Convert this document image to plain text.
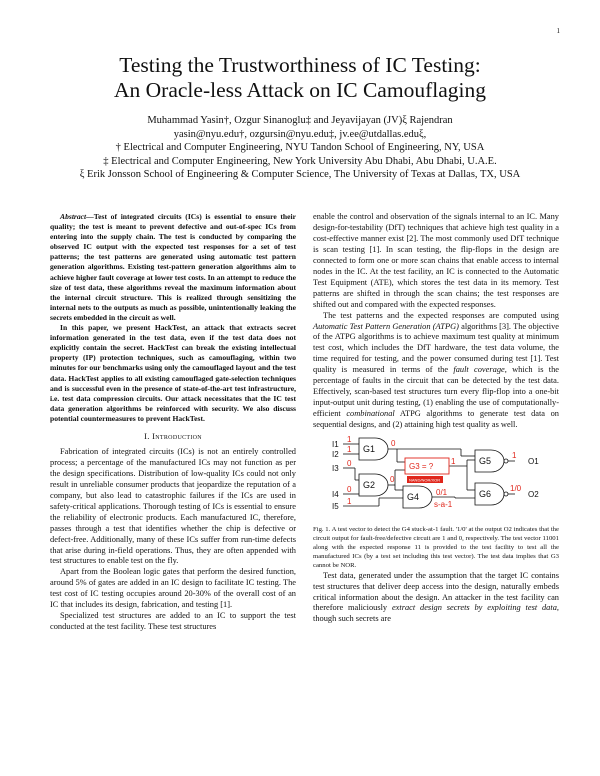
1
Testing the Trustworthiness of IC Testing:
An Oracle-less Attack on IC Camouflaging
Muhammad Yasin†, Ozgur Sinanoglu‡ and Jeyavijayan (JV)ξ Rajendran
yasin@nyu.edu†, ozgursin@nyu.edu‡, jv.ee@utdallas.eduξ,
† Electrical and Computer Engineering, NYU Tandon School of Engineering, NY, USA
‡ Electrical and Computer Engineering, New York University Abu Dhabi, Abu Dhabi, U.A.E.
ξ Erik Jonsson School of Engineering & Computer Science, The University of Texas at Dallas, TX, USA

Abstract—Test of integrated circuits (ICs) is essential to ensure their quality; the test is meant to prevent defective and out-of-spec ICs from entering into the supply chain. The test is conducted by comparing the observed IC output with the expected test responses for a set of test patterns; the test patterns are generated using automatic test pattern generation algorithms. Existing test-pattern generation algorithms aim to achieve higher fault coverage at lower test costs. In an attempt to reduce the size of test data, these algorithms reveal the maximum information about the internal circuit structure. This is realized through sensitizing the internal nets to the outputs as much as possible, unintentionally leaking the secrets embedded in the circuit as well.

In this paper, we present HackTest, an attack that extracts secret information generated in the test data, even if the test data does not explicitly contain the secret. HackTest can break the existing intellectual property (IP) protection techniques, such as camouflaging, within two minutes for our benchmarks using only the camouflaged layout and the test data. HackTest applies to all existing camouflaged gate-selection techniques and is successful even in the presence of state-of-the-art test infrastructure, i.e. test data compression circuits. Our attack necessitates that the IC test data generation algorithms be reinforced with security. We also discuss potential countermeasures to prevent HackTest.

I. Introduction

Fabrication of integrated circuits (ICs) is not an entirely controlled process; a percentage of the manufactured ICs may not function as per the design specifications. Distribution of low-quality ICs could not only result in unreliable consumer products that jeopardize the reputation of a company, but also lead to catastrophic failures if the ICs are used in safety-critical applications. Thorough testing of ICs is essential to ensure the reliability of electronic products. Each manufactured IC, therefore, passes through a test that identifies whether the chip is defective or defect-free. Additionally, many of these ICs suffer from run-time defects that arise during in-field operations. Thus, they are often appended with test structures to enable test on the fly.

Apart from the Boolean logic gates that perform the desired function, around 5% of gates are added in an IC design to facilitate IC testing. The test cost of IC testing occupies around 20-30% of the overall cost of an IC that includes its design, fabrication, and testing [1].

Specialized test structures are added to an IC to support the test conducted at the test facility. These test structures

enable the control and observation of the signals internal to an IC. Many design-for-testability (DfT) techniques that achieve high test quality in a cost-effective manner exist [2]. The most commonly used DfT technique is scan testing [1]. In scan testing, the flip-flops in the design are connected to form one or more scan chains that enable access to internal nodes in the IC. At the test facility, an IC is connected to the Automatic Test Equipment (ATE), which stores the test data in its memory. Test patterns are shifted in through the scan chains; the test responses are shifted out and compared with the expected responses.

The test patterns and the expected responses are computed using Automatic Test Pattern Generation (ATPG) algorithms [3]. The objective of the ATPG algorithms is to achieve maximum test quality at minimum test cost, which includes the DfT hardware, the test data volume, the time required for testing, and the power consumed during test [1]. Test quality is measured in terms of the fault coverage, which is the percentage of faults in the circuit that can be detected by the test data. Effectively, scan-based test structures turn every flip-flop into a one-bit input-output unit during testing, (1) enabling the use of computationally-efficient combinational ATPG algorithms to generate test data on sequential designs, and (2) attaining high test quality as well.

G3 = ?
NAND/NOR/XOR
I1
I2
I3
I4
I5
G1
G2
G4
G5
G6
O1
O2
1
1
0
0
1
0
1
0
0/1
s-a-1
1
1/0

Fig. 1. A test vector to detect the G4 stuck-at-1 fault. '1/0' at the output O2 indicates that the circuit output for fault-free/defective circuit are 1 and 0, respectively. The test vector 11001 along with the expected response 11 is provided to the test facility to test all the manufactured ICs (by a test set including this test vector). The test data implies that G3 cannot be NOR.

Test data, generated under the assumption that the target IC contains test structures that deliver deep access into the design, naturally embeds critical information about the design. An attacker in the test facility can therefore maliciously extract design secrets by exploiting test data, though such secrets are
